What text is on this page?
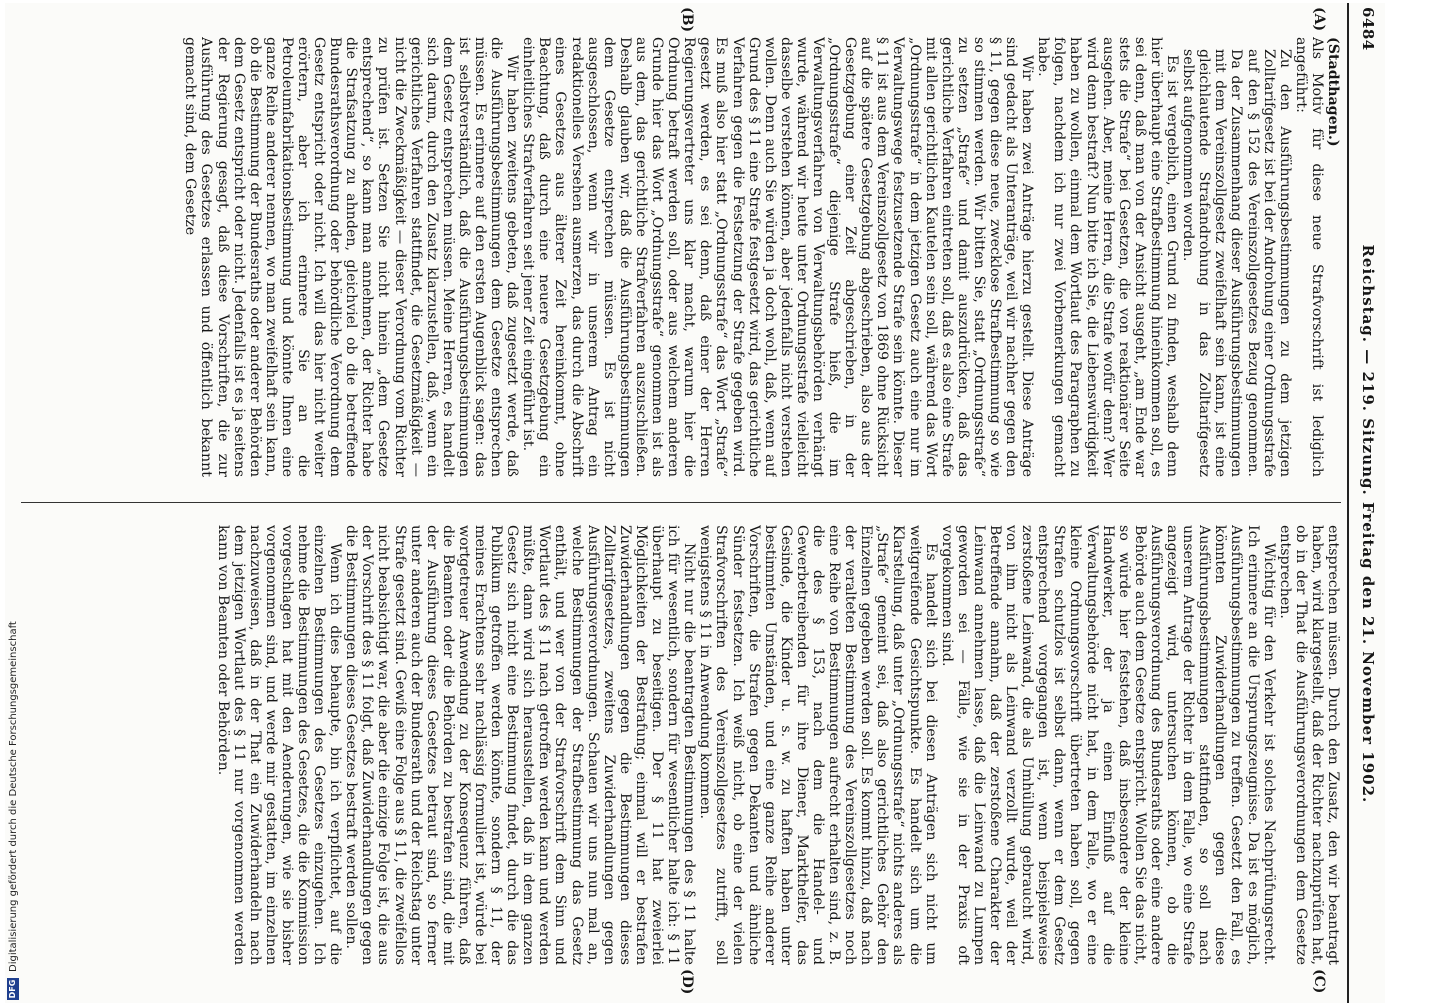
6484
Reichstag. — 219. Sitzung. Freitag den 21. November 1902.
(A)
(B)
(C)
(D)

(Stadthagen.)

Als Motiv für diese neue Strafvorschrift ist lediglich angeführt:

Zu den Ausführungsbestimmungen zu dem jetzigen Zolltarifgesetz ist bei der Androhung einer Ordnungsstrafe auf den § 152 des Vereinszollgesetzes Bezug genommen. Da der Zusammenhang dieser Ausführungsbestimmungen mit dem Vereinszollgesetz zweifelhaft sein kann, ist eine gleichlautende Strafandrohung in das Zolltarifgesetz selbst aufgenommen worden.

Es ist vergeblich, einen Grund zu finden, weshalb denn hier überhaupt eine Strafbestimmung hineinkommen soll, es sei denn, daß man von der Ansicht ausgeht, „am Ende war stets die Strafe“ bei Gesetzen, die von reaktionärer Seite ausgehen. Aber, meine Herren, die Strafe wofür denn? Wer wird denn bestraft? Nun bitte ich Sie, die Liebenswürdigkeit haben zu wollen, einmal dem Wortlaut des Paragraphen zu folgen, nachdem ich nur zwei Vorbemerkungen gemacht habe.

Wir haben zwei Anträge hierzu gestellt. Diese Anträge sind gedacht als Unteranträge, weil wir nachher gegen den § 11, gegen diese neue, zwecklose Strafbestimmung so wie so stimmen werden. Wir bitten Sie, statt „Ordnungsstrafe“ zu setzen „Strafe“ und damit auszudrücken, daß das gerichtliche Verfahren eintreten soll, daß es also eine Strafe mit allen gerichtlichen Kautelen sein soll, während das Wort „Ordnungsstrafe“ in dem jetzigen Gesetz auch eine nur im Verwaltungswege festzusetzende Strafe sein könnte. Dieser § 11 ist aus dem Vereinszollgesetz von 1869 ohne Rücksicht auf die spätere Gesetzgebung abgeschrieben, also aus der Gesetzgebung einer Zeit abgeschrieben, in der „Ordnungsstrafe“ diejenige Strafe hieß, die im Verwaltungsverfahren von Verwaltungsbehörden verhängt wurde, während wir heute unter Ordnungsstrafe vielleicht dasselbe verstehen können, aber jedenfalls nicht verstehen wollen. Denn auch Sie würden ja doch wohl, daß, wenn auf Grund des § 11 eine Strafe festgesetzt wird, das gerichtliche Verfahren gegen die Festsetzung der Strafe gegeben wird. Es muß also hier statt „Ordnungsstrafe“ das Wort „Strafe“ gesetzt werden, es sei denn, daß einer der Herren Regierungsvertreter uns klar macht, warum hier die Ordnung betraft werden soll, oder aus welchem anderen Grunde hier das Wort „Ordnungsstrafe“ genommen ist als aus dem, das gerichtliche Strafverfahren auszuschließen. Deshalb glauben wir, daß die Ausführungsbestimmungen dem Gesetze entsprechen müssen. Es ist nicht ausgeschlossen, wenn wir in unserem Antrag ein redaktionelles Versehen ausmerzen, das durch die Abschrift eines Gesetzes aus älterer Zeit hereinkommt, ohne Beachtung, daß durch eine neuere Gesetzgebung ein einheitliches Strafverfahren seit jener Zeit eingeführt ist.

Wir haben zweitens gebeten, daß zugesetzt werde, daß die Ausführungsbestimmungen dem Gesetze entsprechen müssen. Es erinnere auf den ersten Augenblick sagen: das ist selbstverständlich, daß die Ausführungsbestimmungen dem Gesetz entsprechen müssen. Meine Herren, es handelt sich darum, durch den Zusatz klarzustellen, daß, wenn ein gerichtliches Verfahren stattfindet, die Gesetzmäßigkeit — nicht die Zweckmäßigkeit — dieser Verordnung vom Richter zu prüfen ist. Setzen Sie nicht hinein „dem Gesetze entsprechend“, so kann man annehmen, der Richter habe die Strafsatzung zu ahnden, gleichviel ob die betreffende Bundesrathsverordnung oder behördliche Verordnung dem Gesetz entspricht oder nicht. Ich will das hier nicht weiter erörtern, aber ich erinnere Sie an die Petroleumfabrikationsbestimmung und könnte Ihnen eine ganze Reihe anderer nennen, wo man zweifelhaft sein kann, ob die Bestimmung der Bundesraths oder anderer Behörden dem Gesetz entspricht oder nicht. Jedenfalls ist es ja seitens der Regierung gesagt, daß diese Vorschriften, die zur Ausführung des Gesetzes erlassen und öffentlich bekannt gemacht sind, dem Gesetze

entsprechen müssen. Durch den Zusatz, den wir beantragt haben, wird klargestellt, daß der Richter nachzuprüfen hat, ob in der That die Ausführungsverordnungen dem Gesetze entsprechen.

Wichtig für den Verkehr ist solches Nachprüfungsrecht. Ich erinnere an die Ursprungszeugnisse. Da ist es möglich, Ausführungsbestimmungen zu treffen. Gesetzt den Fall, es könnten Zuwiderhandlungen gegen diese Ausführungsbestimmungen stattfinden, so soll nach unserem Antrage der Richter in dem Falle, wo eine Strafe angezeigt wird, untersuchen können, ob die Ausführungsverordnung des Bundesraths oder eine andere Behörde auch dem Gesetze entspricht. Wollen Sie das nicht, so würde hier feststehen, daß insbesondere der kleine Handwerker, der ja einen Einfluß auf die Verwaltungsbehörde nicht hat, in dem Falle, wo er eine kleine Ordnungsvorschrift übertreten haben soll, gegen Strafen schutzlos ist selbst dann, wenn er dem Gesetz entsprechend vorgegangen ist, wenn beispielsweise zerstoßene Leinwand, die als Umhüllung gebraucht wird, von ihm nicht als Leinwand verzollt wurde, weil der Betreffende annahm, daß der zerstoßene Charakter der Leinwand annehmen lasse, daß die Leinwand zu Lumpen geworden sei — Fälle, wie sie in der Praxis oft vorgekommen sind.

Es handelt sich bei diesen Anträgen sich nicht um weitgreifende Gesichtspunkte. Es handelt sich um die Klarstellung, daß unter „Ordnungsstrafe“ nichts anderes als „Strafe“ gemeint sei, daß also gerichtliches Gehör den Einzelnen gegeben werden soll. Es kommt hinzu, daß nach der veralteten Bestimmung des Vereinszollgesetzes noch eine Reihe von Bestimmungen aufrecht erhalten sind, z. B. die des § 153, nach dem die Handel- und Gewerbetreibenden für ihre Diener, Markthelfer, das Gesinde, die Kinder u. s. w. zu haften haben unter bestimmten Umständen, und eine ganze Reihe anderer Vorschriften, die Strafen gegen Dekanten und ähnliche Sünder festsetzen. Ich weiß nicht, ob eine der vielen Strafvorschriften des Vereinszollgesetzes zutrifft, soll wenigstens § 11 in Anwendung kommen.

Nicht nur die beantragten Bestimmungen des § 11 halte ich für wesentlich, sondern für wesentlicher halte ich: § 11 überhaupt zu beseitigen. Der § 11 hat zweierlei Möglichkeiten der Bestrafung; einmal will er bestrafen Zuwiderhandlungen gegen die Bestimmungen dieses Zolltarifgesetzes, zweitens Zuwiderhandlungen gegen Ausführungsverordnungen. Schauen wir uns nun mal an, welche Bestimmungen der Strafbestimmung das Gesetz enthält, und wer von der Strafvorschrift dem Sinn und Wortlaut des § 11 nach getroffen werden kann und werden müßte, dann wird sich herausstellen, daß in dem ganzen Gesetz sich nicht eine Bestimmung findet, durch die das Publikum getroffen werden könnte, sondern § 11, der meines Erachtens sehr nachlässig formuliert ist, würde bei wortgetreuer Anwendung zu der Konsequenz führen, daß die Beamten oder die Behörden zu bestrafen sind, die mit der Ausführung dieses Gesetzes betraut sind, so ferner unter anderen auch der Bundesrath und der Reichstag unter Strafe gesetzt sind. Gewiß eine Folge aus § 11, die zweifellos nicht beabsichtigt war, die aber die einzige Folge ist, die aus der Vorschrift des § 11 folgt, daß Zuwiderhandlungen gegen die Bestimmungen dieses Gesetzes bestraft werden sollen.

Wenn ich dies behaupte, bin ich verpflichtet, auf die einzelnen Bestimmungen des Gesetzes einzugehen. Ich nehme die Bestimmungen des Gesetzes, die die Kommission vorgeschlagen hat mit den Aenderungen, wie sie bisher vorgenommen sind, und werde mir gestatten, im einzelnen nachzuweisen, daß in der That ein Zuwiderhandeln nach dem jetzigen Wortlaut des § 11 nur vorgenommen werden kann von Beamten oder Behörden.

DFG
Digitalisierung gefördert durch die Deutsche Forschungsgemeinschaft
